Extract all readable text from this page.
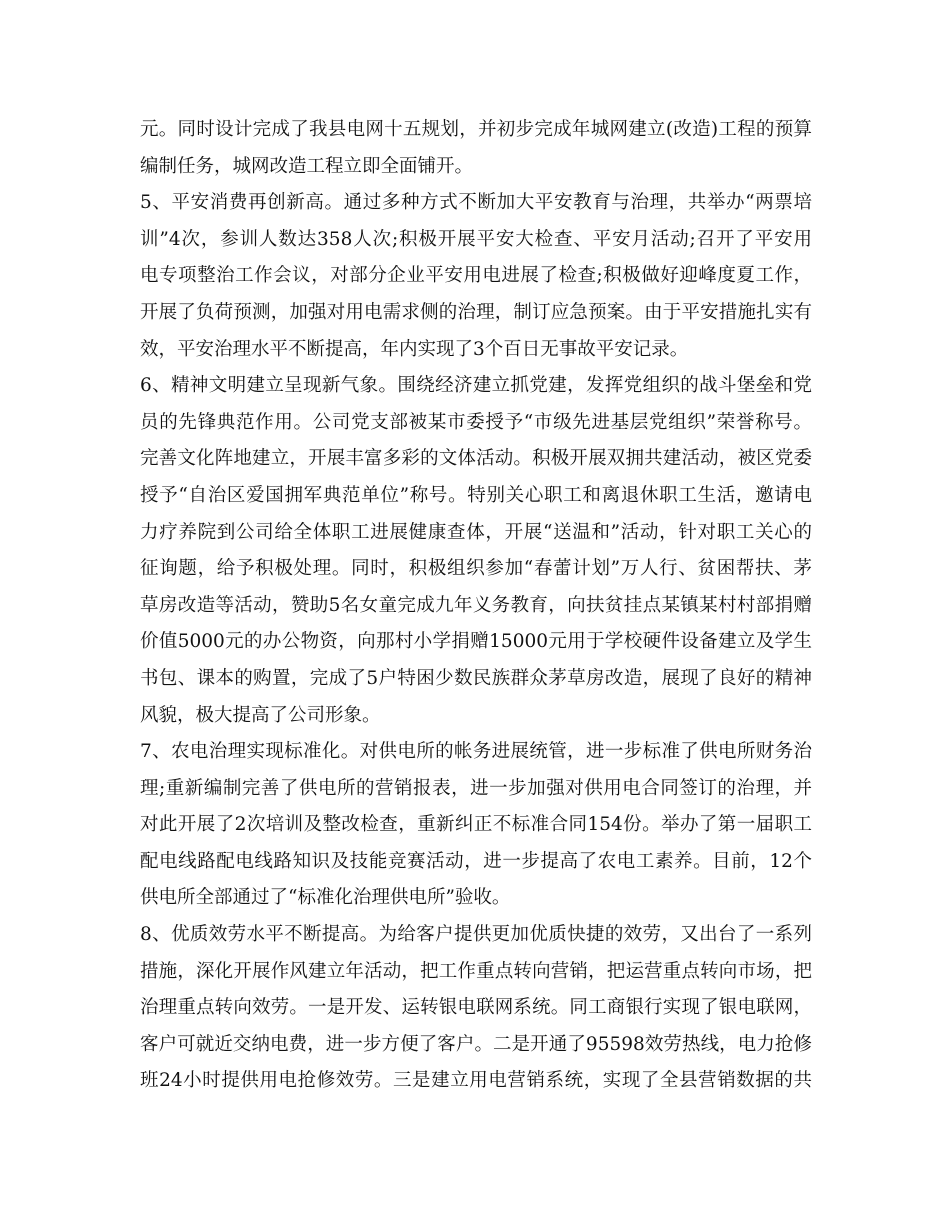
元。同时设计完成了我县电网十五规划，并初步完成年城网建立(改造)工程的预算
编制任务，城网改造工程立即全面铺开。
5、平安消费再创新高。通过多种方式不断加大平安教育与治理，共举办“两票培
训”4次，参训人数达358人次;积极开展平安大检查、平安月活动;召开了平安用
电专项整治工作会议，对部分企业平安用电进展了检查;积极做好迎峰度夏工作，
开展了负荷预测，加强对用电需求侧的治理，制订应急预案。由于平安措施扎实有
效，平安治理水平不断提高，年内实现了3个百日无事故平安记录。
6、精神文明建立呈现新气象。围绕经济建立抓党建，发挥党组织的战斗堡垒和党
员的先锋典范作用。公司党支部被某市委授予“市级先进基层党组织”荣誉称号。
完善文化阵地建立，开展丰富多彩的文体活动。积极开展双拥共建活动，被区党委
授予“自治区爱国拥军典范单位”称号。特别关心职工和离退休职工生活，邀请电
力疗养院到公司给全体职工进展健康查体，开展“送温和”活动，针对职工关心的
征询题，给予积极处理。同时，积极组织参加“春蕾计划”万人行、贫困帮扶、茅
草房改造等活动，赞助5名女童完成九年义务教育，向扶贫挂点某镇某村村部捐赠
价值5000元的办公物资，向那村小学捐赠15000元用于学校硬件设备建立及学生
书包、课本的购置，完成了5户特困少数民族群众茅草房改造，展现了良好的精神
风貌，极大提高了公司形象。
7、农电治理实现标准化。对供电所的帐务进展统管，进一步标准了供电所财务治
理;重新编制完善了供电所的营销报表，进一步加强对供用电合同签订的治理，并
对此开展了2次培训及整改检查，重新纠正不标准合同154份。举办了第一届职工
配电线路配电线路知识及技能竞赛活动，进一步提高了农电工素养。目前，12个
供电所全部通过了“标准化治理供电所”验收。
8、优质效劳水平不断提高。为给客户提供更加优质快捷的效劳，又出台了一系列
措施，深化开展作风建立年活动，把工作重点转向营销，把运营重点转向市场，把
治理重点转向效劳。一是开发、运转银电联网系统。同工商银行实现了银电联网，
客户可就近交纳电费，进一步方便了客户。二是开通了95598效劳热线，电力抢修
班24小时提供用电抢修效劳。三是建立用电营销系统，实现了全县营销数据的共
